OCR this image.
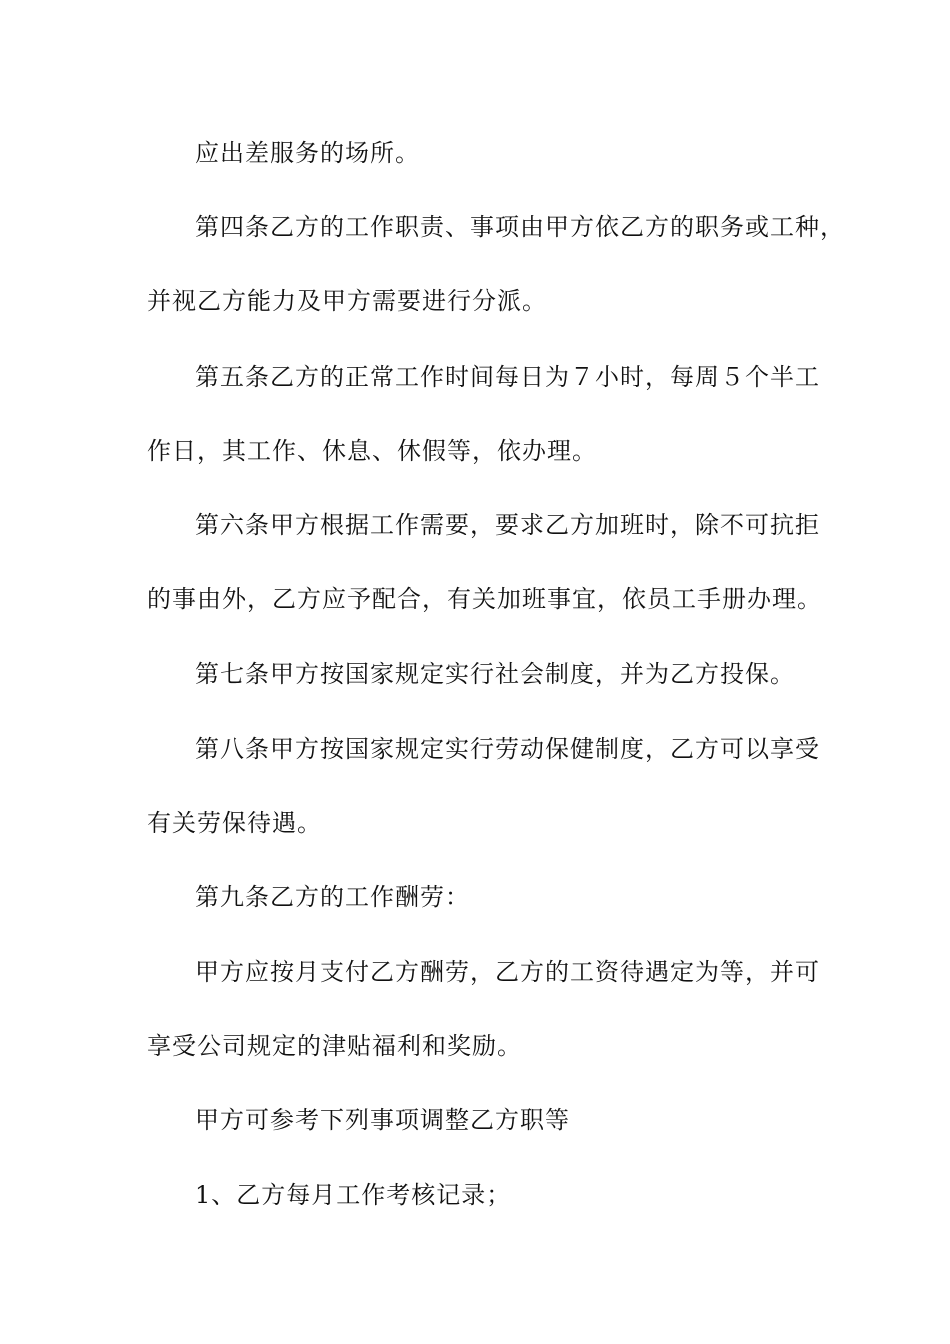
应出差服务的场所。
第四条乙方的工作职责、事项由甲方依乙方的职务或工种，
并视乙方能力及甲方需要进行分派。
第五条乙方的正常工作时间每日为７小时，每周５个半工
作日，其工作、休息、休假等，依办理。
第六条甲方根据工作需要，要求乙方加班时，除不可抗拒
的事由外，乙方应予配合，有关加班事宜，依员工手册办理。
第七条甲方按国家规定实行社会制度，并为乙方投保。
第八条甲方按国家规定实行劳动保健制度，乙方可以享受
有关劳保待遇。
第九条乙方的工作酬劳：
甲方应按月支付乙方酬劳，乙方的工资待遇定为等，并可
享受公司规定的津贴福利和奖励。
甲方可参考下列事项调整乙方职等
1、乙方每月工作考核记录；
